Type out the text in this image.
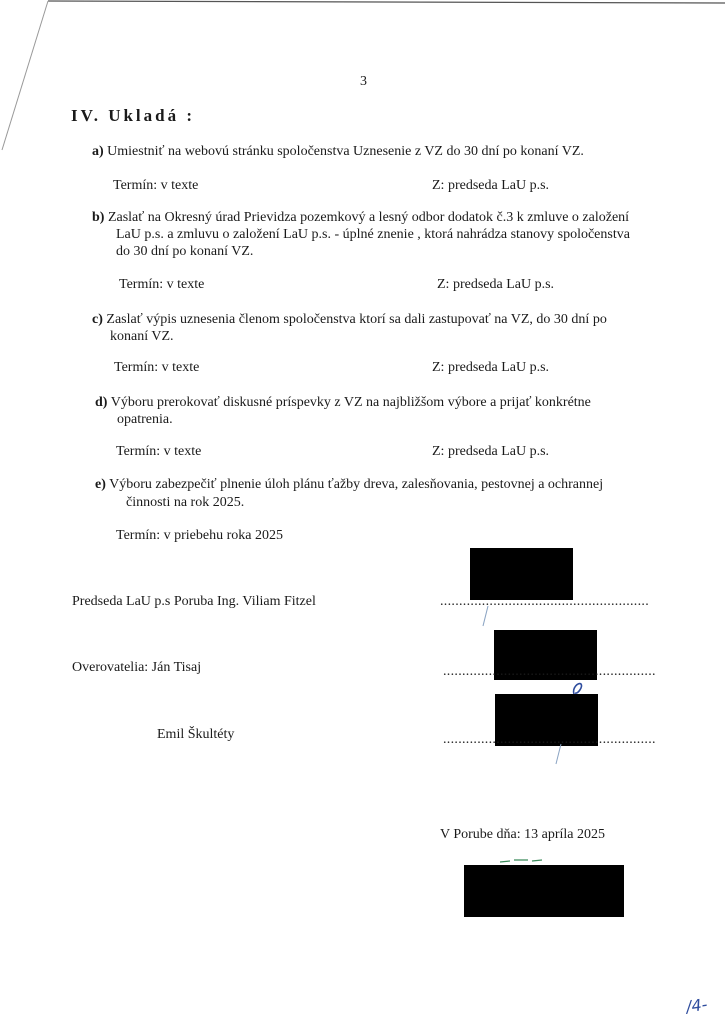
3
IV. Ukladá :
a) Umiestniť na webovú stránku spoločenstva Uznesenie z VZ do 30 dní po konaní VZ.
Termín: v texte	Z: predseda LaU p.s.
b) Zaslať na Okresný úrad Prievidza pozemkový a lesný odbor dodatok č.3 k zmluve o založení
LaU p.s. a zmluvu o založení LaU p.s. - úplné znenie , ktorá nahrádza stanovy spoločenstva
do 30 dní po konaní VZ.
Termín: v texte	Z: predseda LaU p.s.
c) Zaslať výpis uznesenia členom spoločenstva ktorí sa dali zastupovať na VZ, do 30 dní po
konaní VZ.
Termín: v texte	Z: predseda LaU p.s.
d) Výboru prerokovať diskusné príspevky z VZ na najbližšom výbore a prijať konkrétne
opatrenia.
Termín: v texte	Z: predseda LaU p.s.
e) Výboru zabezpečiť plnenie úloh plánu ťažby dreva, zalesňovania, pestovnej a ochrannej
činnosti na rok 2025.
Termín: v priebehu roka 2025
Predseda LaU p.s Poruba Ing. Viliam Fitzel	.......................................................
Overovatelia: Ján Tisaj	........................................................
Emil Škultéty	........................................................
V Porube dňa: 13 apríla 2025
/4-
